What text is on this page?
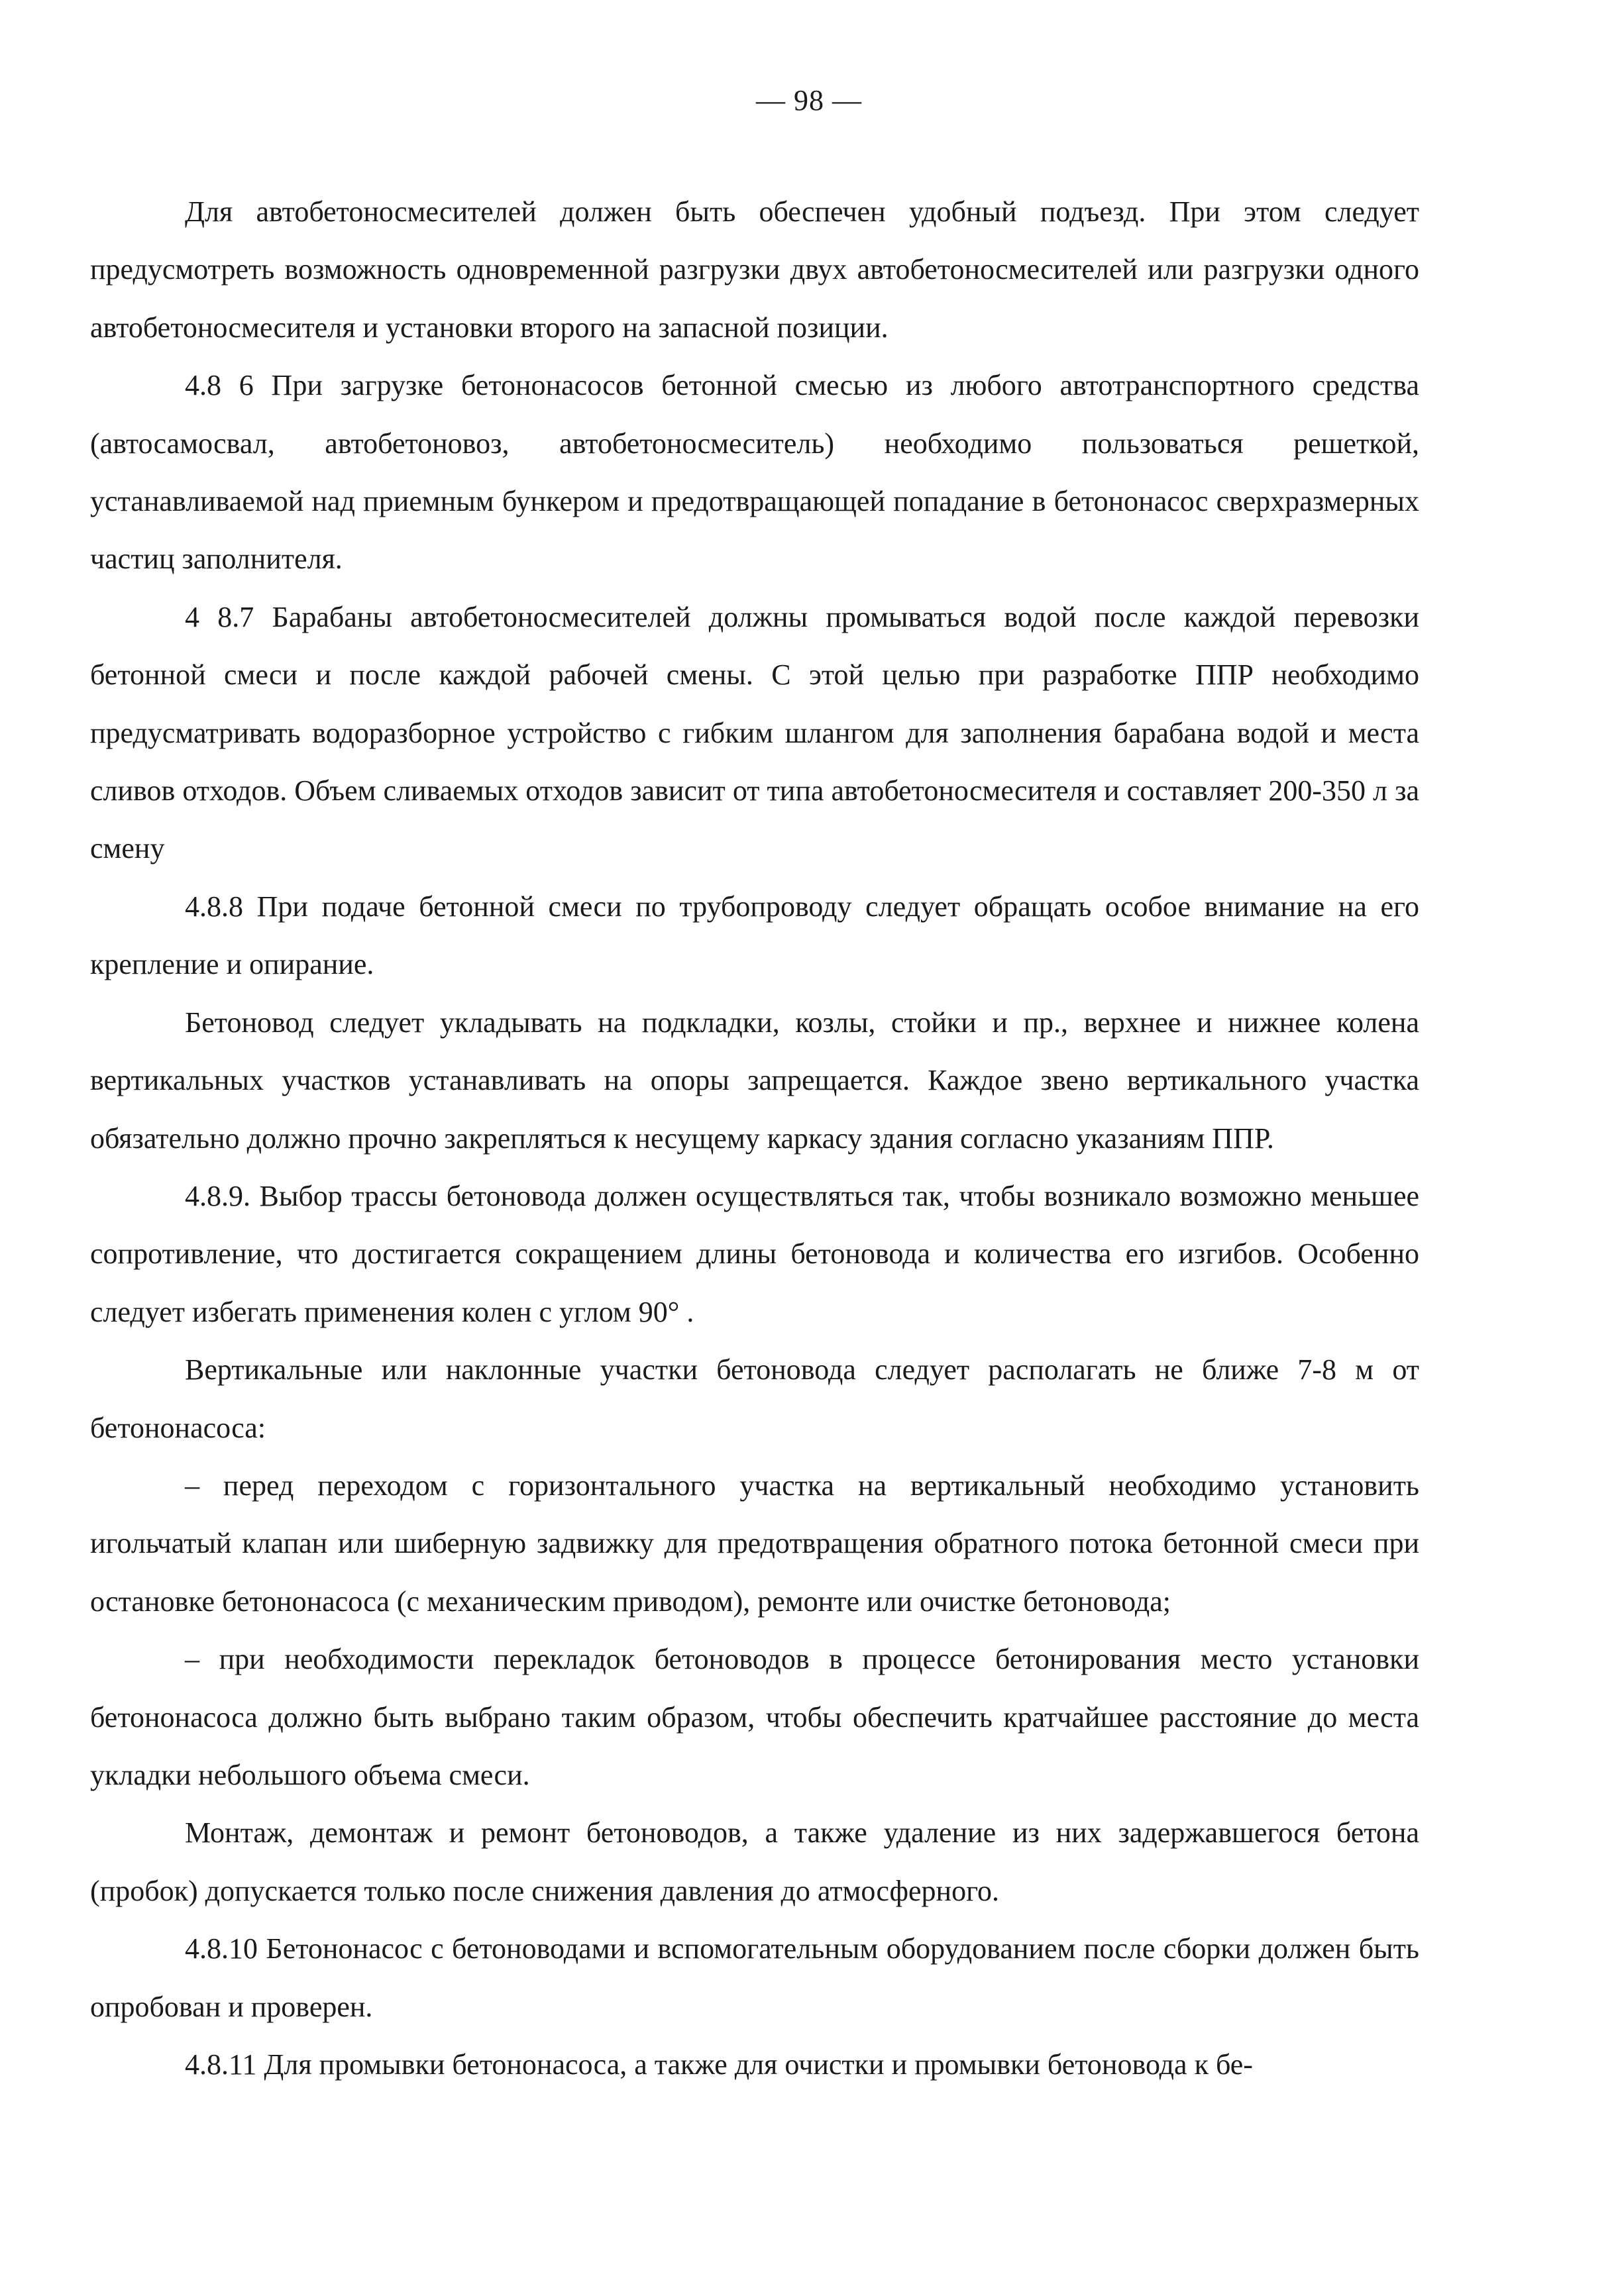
— 98 —

Для автобетоносмесителей должен быть обеспечен удобный подъезд. При этом следует предусмотреть возможность одновременной разгрузки двух автобетоносмесителей или разгрузки одного автобетоносмесителя и установки второго на запасной позиции.

4.8 6 При загрузке бетононасосов бетонной смесью из любого автотранспортного средства (автосамосвал, автобетоновоз, автобетоносмеситель) необходимо пользоваться решеткой, устанавливаемой над приемным бункером и предотвращающей попадание в бетононасос сверхразмерных частиц заполнителя.

4 8.7 Барабаны автобетоносмесителей должны промываться водой после каждой перевозки бетонной смеси и после каждой рабочей смены. С этой целью при разработке ППР необходимо предусматривать водоразборное устройство с гибким шлангом для заполнения барабана водой и места сливов отходов. Объем сливаемых отходов зависит от типа автобетоносмесителя и составляет 200-350 л за смену

4.8.8 При подаче бетонной смеси по трубопроводу следует обращать особое внимание на его крепление и опирание.

Бетоновод следует укладывать на подкладки, козлы, стойки и пр., верхнее и нижнее колена вертикальных участков устанавливать на опоры запрещается. Каждое звено вертикального участка обязательно должно прочно закрепляться к несущему каркасу здания согласно указаниям ППР.

4.8.9. Выбор трассы бетоновода должен осуществляться так, чтобы возникало возможно меньшее сопротивление, что достигается сокращением длины бетоновода и количества его изгибов. Особенно следует избегать применения колен с углом 90° .

Вертикальные или наклонные участки бетоновода следует располагать не ближе 7-8 м от бетононасоса:

– перед переходом с горизонтального участка на вертикальный необходимо установить игольчатый клапан или шиберную задвижку для предотвращения обратного потока бетонной смеси при остановке бетононасоса (с механическим приводом), ремонте или очистке бетоновода;

– при необходимости перекладок бетоноводов в процессе бетонирования место установки бетононасоса должно быть выбрано таким образом, чтобы обеспечить кратчайшее расстояние до места укладки небольшого объема смеси.

Монтаж, демонтаж и ремонт бетоноводов, а также удаление из них задержавшегося бетона (пробок) допускается только после снижения давления до атмосферного.

4.8.10 Бетононасос с бетоноводами и вспомогательным оборудованием после сборки должен быть опробован и проверен.

4.8.11 Для промывки бетононасоса, а также для очистки и промывки бетоновода к бе-
